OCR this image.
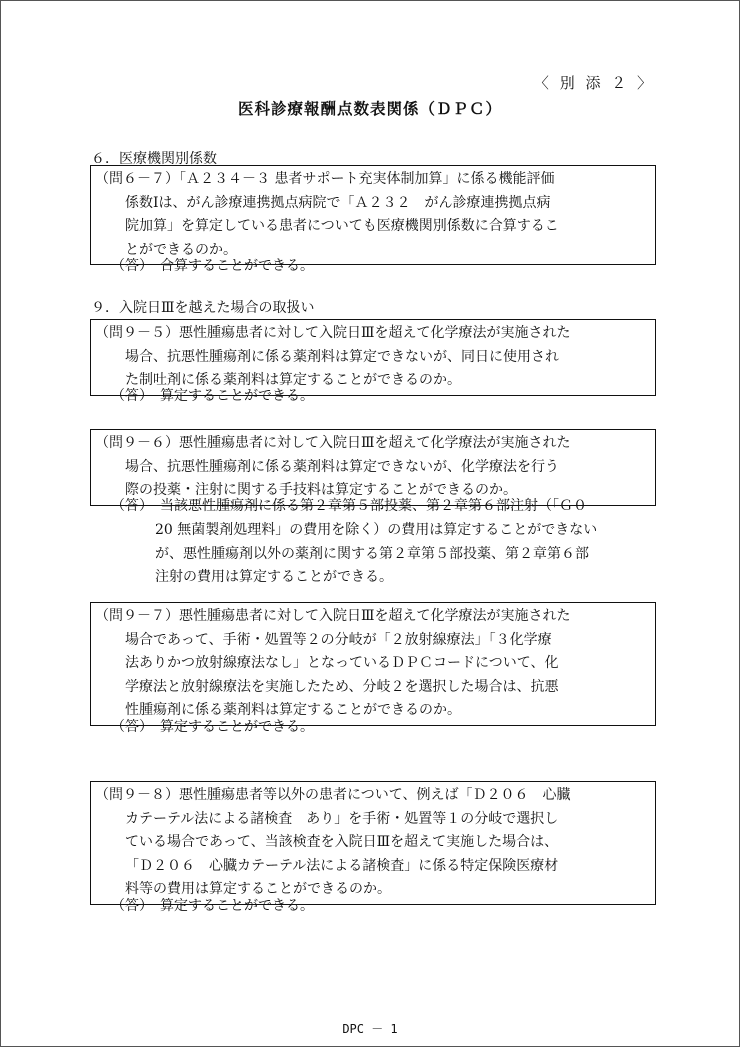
〈 別 添 ２ 〉
医科診療報酬点数表関係（ＤＰＣ）
６．医療機関別係数
（問６－７）「Ａ２３４－３ 患者サポート充実体制加算」に係る機能評価
係数Ⅰは、がん診療連携拠点病院で「Ａ２３２　がん診療連携拠点病
院加算」を算定している患者についても医療機関別係数に合算するこ
とができるのか。
（答）　合算することができる。
９．入院日Ⅲを越えた場合の取扱い
（問９－５）悪性腫瘍患者に対して入院日Ⅲを超えて化学療法が実施された
場合、抗悪性腫瘍剤に係る薬剤料は算定できないが、同日に使用され
た制吐剤に係る薬剤料は算定することができるのか。
（答）　算定することができる。
（問９－６）悪性腫瘍患者に対して入院日Ⅲを超えて化学療法が実施された
場合、抗悪性腫瘍剤に係る薬剤料は算定できないが、化学療法を行う
際の投薬・注射に関する手技料は算定することができるのか。
（答）　当該悪性腫瘍剤に係る第２章第５部投薬、第２章第６部注射（「Ｇ０
20 無菌製剤処理料」の費用を除く）の費用は算定することができない
が、悪性腫瘍剤以外の薬剤に関する第２章第５部投薬、第２章第６部
注射の費用は算定することができる。
（問９－７）悪性腫瘍患者に対して入院日Ⅲを超えて化学療法が実施された
場合であって、手術・処置等２の分岐が「２放射線療法」「３化学療
法ありかつ放射線療法なし」となっているＤＰＣコードについて、化
学療法と放射線療法を実施したため、分岐２を選択した場合は、抗悪
性腫瘍剤に係る薬剤料は算定することができるのか。
（答）　算定することができる。
（問９－８）悪性腫瘍患者等以外の患者について、例えば「Ｄ２０６　心臓
カテーテル法による諸検査　あり」を手術・処置等１の分岐で選択し
ている場合であって、当該検査を入院日Ⅲを超えて実施した場合は、
「Ｄ２０６　心臓カテーテル法による諸検査」に係る特定保険医療材
料等の費用は算定することができるのか。
（答）　算定することができる。
DPC － 1
